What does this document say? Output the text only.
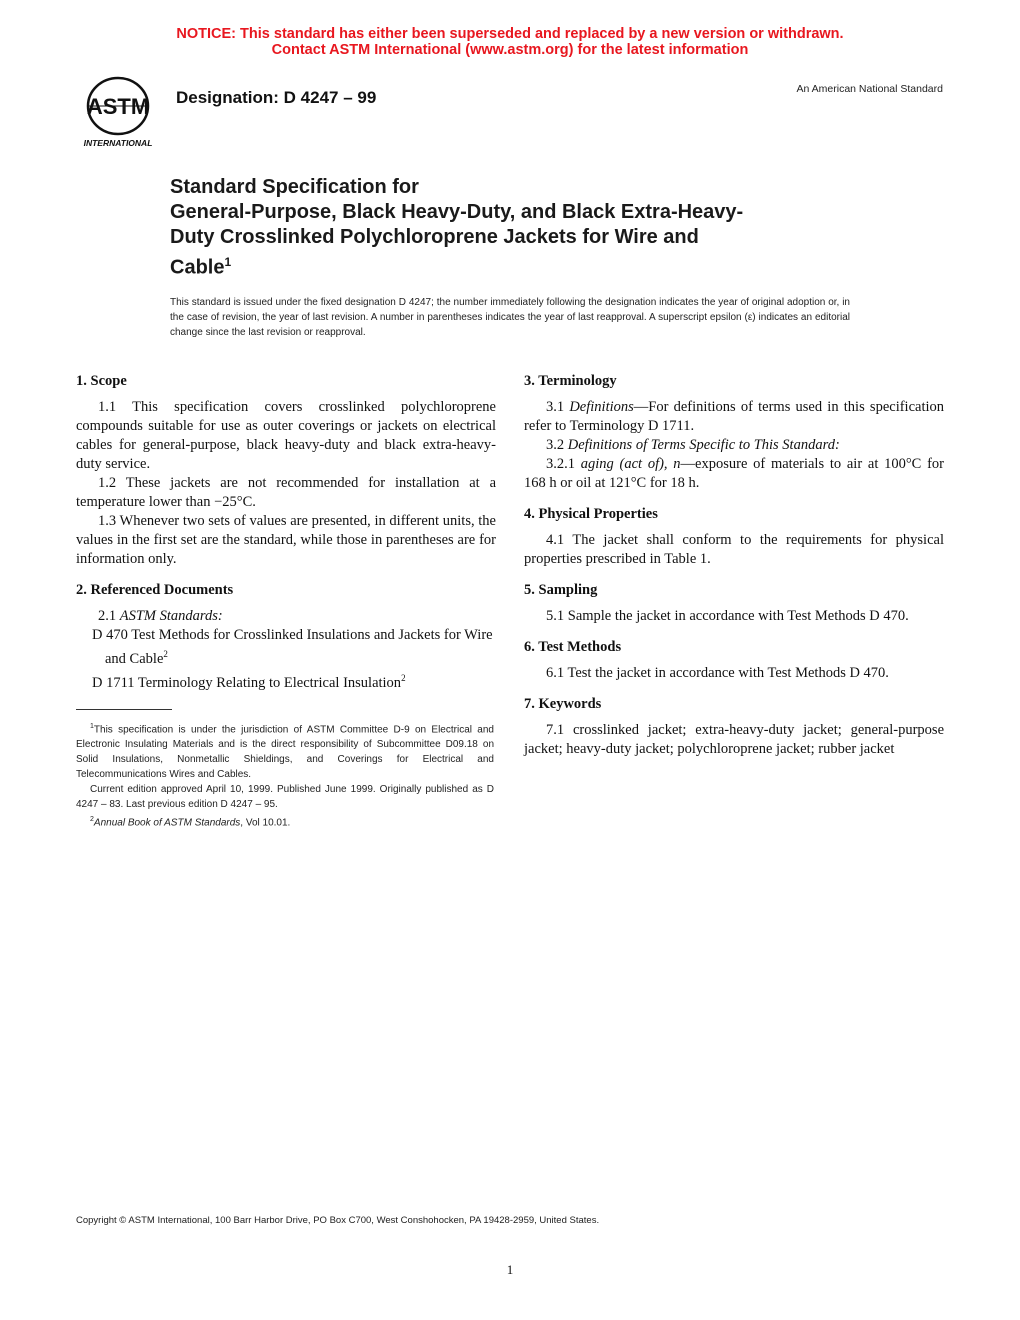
NOTICE: This standard has either been superseded and replaced by a new version or withdrawn.
Contact ASTM International (www.astm.org) for the latest information
ASTM
INTERNATIONAL
Designation: D 4247 – 99	An American National Standard
Standard Specification for
General-Purpose, Black Heavy-Duty, and Black Extra-Heavy-
Duty Crosslinked Polychloroprene Jackets for Wire and
Cable$^1$
This standard is issued under the fixed designation D 4247; the number immediately following the designation indicates the year of original adoption or, in the case of revision, the year of last revision. A number in parentheses indicates the year of last reapproval. A superscript epsilon (ε) indicates an editorial change since the last revision or reapproval.
1. Scope

1.1 This specification covers crosslinked polychloroprene compounds suitable for use as outer coverings or jackets on electrical cables for general-purpose, black heavy-duty and black extra-heavy-duty service.

1.2 These jackets are not recommended for installation at a temperature lower than −25°C.

1.3 Whenever two sets of values are presented, in different units, the values in the first set are the standard, while those in parentheses are for information only.

2. Referenced Documents

2.1 ASTM Standards:

D 470 Test Methods for Crosslinked Insulations and Jackets for Wire and Cable$^2$

D 1711 Terminology Relating to Electrical Insulation$^2$

3. Terminology

3.1 Definitions—For definitions of terms used in this specification refer to Terminology D 1711.

3.2 Definitions of Terms Specific to This Standard:

3.2.1 aging (act of), n—exposure of materials to air at 100°C for 168 h or oil at 121°C for 18 h.

4. Physical Properties

4.1 The jacket shall conform to the requirements for physical properties prescribed in Table 1.

5. Sampling

5.1 Sample the jacket in accordance with Test Methods D 470.

6. Test Methods

6.1 Test the jacket in accordance with Test Methods D 470.

7. Keywords

7.1 crosslinked jacket; extra-heavy-duty jacket; general-purpose jacket; heavy-duty jacket; polychloroprene jacket; rubber jacket

$^1$This specification is under the jurisdiction of ASTM Committee D-9 on Electrical and Electronic Insulating Materials and is the direct responsibility of Subcommittee D09.18 on Solid Insulations, Nonmetallic Shieldings, and Coverings for Electrical and Telecommunications Wires and Cables.

Current edition approved April 10, 1999. Published June 1999. Originally published as D 4247 – 83. Last previous edition D 4247 – 95.

$^2$Annual Book of ASTM Standards, Vol 10.01.

Copyright © ASTM International, 100 Barr Harbor Drive, PO Box C700, West Conshohocken, PA 19428-2959, United States.
1
